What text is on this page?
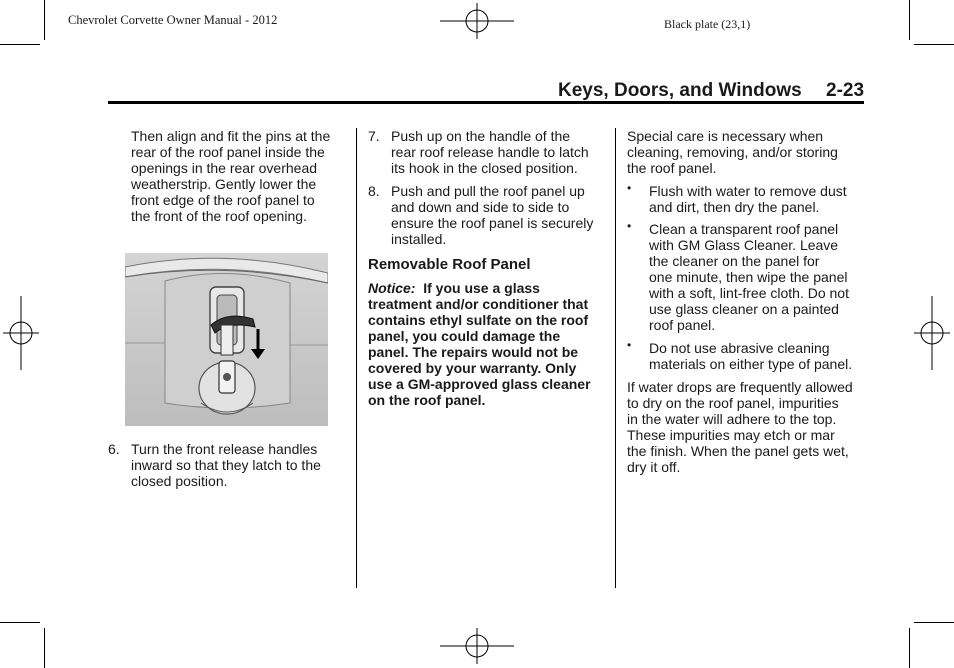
Chevrolet Corvette Owner Manual - 2012	Black plate (23,1)
Keys, Doors, and Windows 2-23

Then align and fit the pins at the

rear of the roof panel inside the

openings in the rear overhead

weatherstrip. Gently lower the

front edge of the roof panel to

the front of the roof opening.

6. Turn the front release handles

inward so that they latch to the

closed position.

7. Push up on the handle of the

rear roof release handle to latch

its hook in the closed position.

8. Push and pull the roof panel up

and down and side to side to

ensure the roof panel is securely

installed.

Removable Roof Panel

Notice: If you use a glass

treatment and/or conditioner that

contains ethyl sulfate on the roof

panel, you could damage the

panel. The repairs would not be

covered by your warranty. Only

use a GM-approved glass cleaner

on the roof panel.

Special care is necessary when

cleaning, removing, and/or storing

the roof panel.

• Flush with water to remove dust

and dirt, then dry the panel.

• Clean a transparent roof panel

with GM Glass Cleaner. Leave

the cleaner on the panel for

one minute, then wipe the panel

with a soft, lint-free cloth. Do not

use glass cleaner on a painted

roof panel.

• Do not use abrasive cleaning

materials on either type of panel.

If water drops are frequently allowed

to dry on the roof panel, impurities

in the water will adhere to the top.

These impurities may etch or mar

the finish. When the panel gets wet,

dry it off.
